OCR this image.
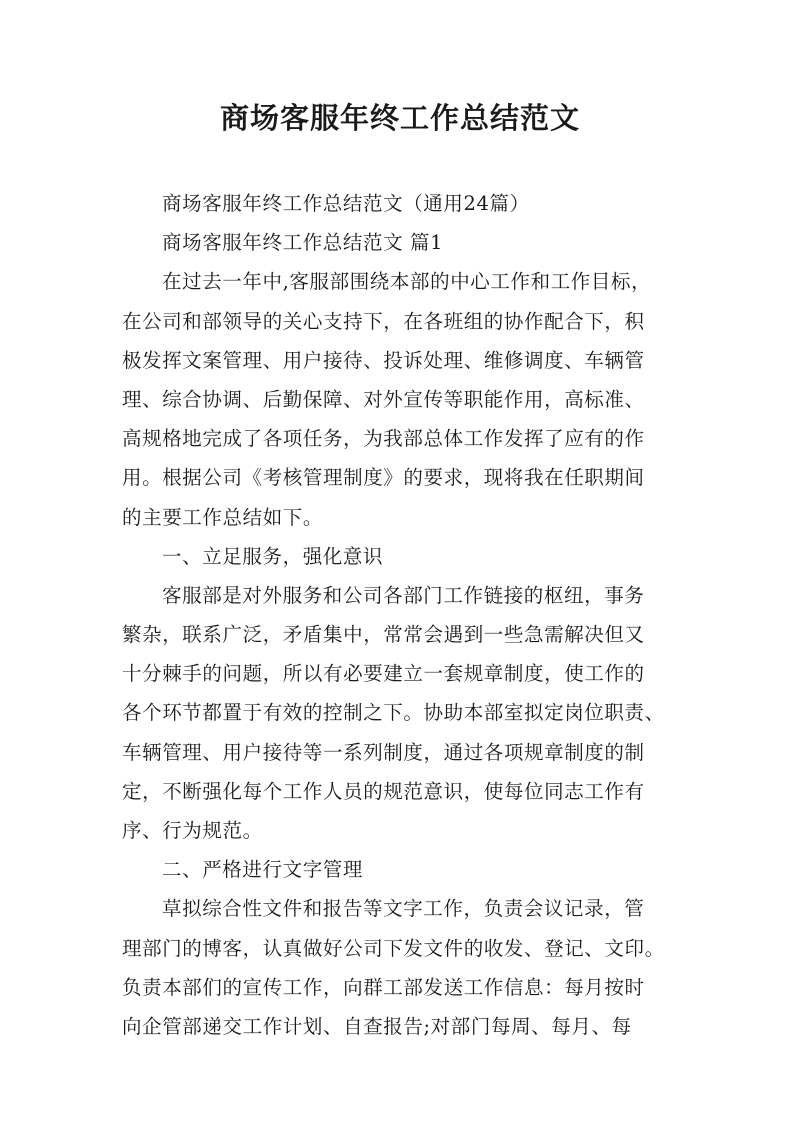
商场客服年终工作总结范文
商场客服年终工作总结范文（通用24篇）
商场客服年终工作总结范文 篇1
在过去一年中,客服部围绕本部的中心工作和工作目标，
在公司和部领导的关心支持下，在各班组的协作配合下，积
极发挥文案管理、用户接待、投诉处理、维修调度、车辆管
理、综合协调、后勤保障、对外宣传等职能作用，高标准、
高规格地完成了各项任务，为我部总体工作发挥了应有的作
用。根据公司《考核管理制度》的要求，现将我在任职期间
的主要工作总结如下。
一、立足服务，强化意识
客服部是对外服务和公司各部门工作链接的枢纽，事务
繁杂，联系广泛，矛盾集中，常常会遇到一些急需解决但又
十分棘手的问题，所以有必要建立一套规章制度，使工作的
各个环节都置于有效的控制之下。协助本部室拟定岗位职责、
车辆管理、用户接待等一系列制度，通过各项规章制度的制
定，不断强化每个工作人员的规范意识，使每位同志工作有
序、行为规范。
二、严格进行文字管理
草拟综合性文件和报告等文字工作，负责会议记录，管
理部门的博客，认真做好公司下发文件的收发、登记、文印。
负责本部们的宣传工作，向群工部发送工作信息：每月按时
向企管部递交工作计划、自查报告;对部门每周、每月、每
